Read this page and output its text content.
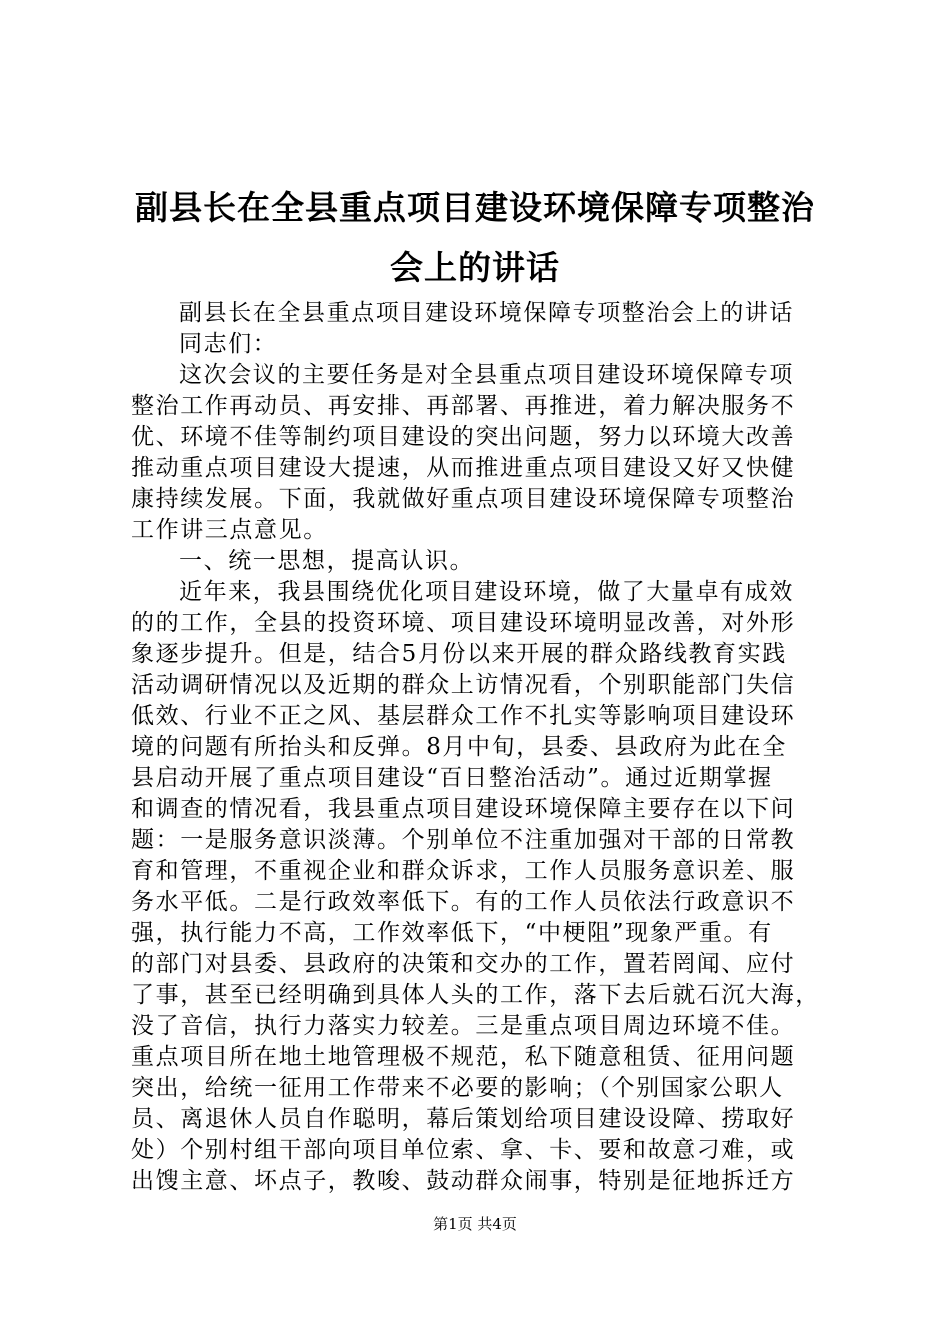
副县长在全县重点项目建设环境保障专项整治
会上的讲话
副县长在全县重点项目建设环境保障专项整治会上的讲话
同志们：
这次会议的主要任务是对全县重点项目建设环境保障专项
整治工作再动员、再安排、再部署、再推进，着力解决服务不
优、环境不佳等制约项目建设的突出问题，努力以环境大改善
推动重点项目建设大提速，从而推进重点项目建设又好又快健
康持续发展。下面，我就做好重点项目建设环境保障专项整治
工作讲三点意见。
一、统一思想，提高认识。
近年来，我县围绕优化项目建设环境，做了大量卓有成效
的的工作，全县的投资环境、项目建设环境明显改善，对外形
象逐步提升。但是，结合5月份以来开展的群众路线教育实践
活动调研情况以及近期的群众上访情况看，个别职能部门失信
低效、行业不正之风、基层群众工作不扎实等影响项目建设环
境的问题有所抬头和反弹。8月中旬，县委、县政府为此在全
县启动开展了重点项目建设“百日整治活动”。通过近期掌握
和调查的情况看，我县重点项目建设环境保障主要存在以下问
题：一是服务意识淡薄。个别单位不注重加强对干部的日常教
育和管理，不重视企业和群众诉求，工作人员服务意识差、服
务水平低。二是行政效率低下。有的工作人员依法行政意识不
强，执行能力不高，工作效率低下，“中梗阻”现象严重。有
的部门对县委、县政府的决策和交办的工作，置若罔闻、应付
了事，甚至已经明确到具体人头的工作，落下去后就石沉大海，
没了音信，执行力落实力较差。三是重点项目周边环境不佳。
重点项目所在地土地管理极不规范，私下随意租赁、征用问题
突出，给统一征用工作带来不必要的影响；（个别国家公职人
员、离退休人员自作聪明，幕后策划给项目建设设障、捞取好
处）个别村组干部向项目单位索、拿、卡、要和故意刁难，或
出馊主意、坏点子，教唆、鼓动群众闹事，特别是征地拆迁方
第1页 共4页
